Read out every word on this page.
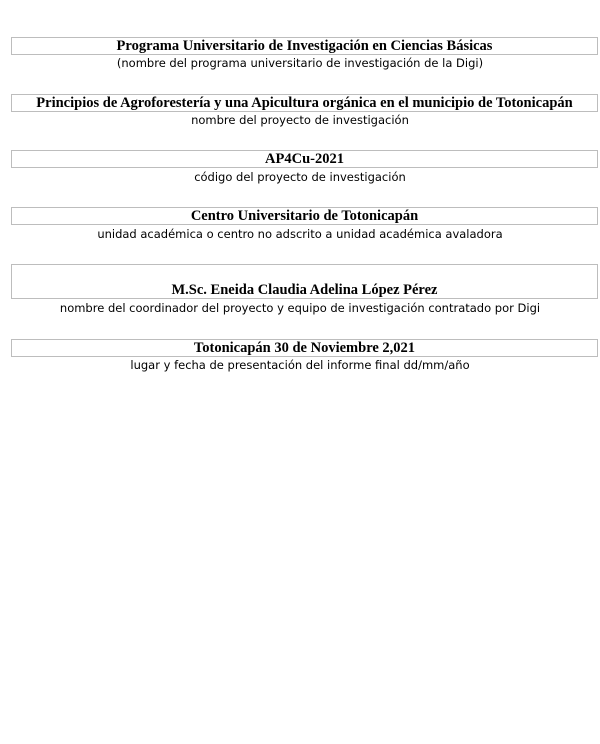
Programa Universitario de Investigación en Ciencias Básicas
(nombre del programa universitario de investigación de la Digi)
Principios de Agroforestería y una Apicultura orgánica en el municipio de Totonicapán
nombre del proyecto de investigación
AP4Cu-2021
código del proyecto de investigación
Centro Universitario de Totonicapán
unidad académica o centro no adscrito a unidad académica avaladora
M.Sc. Eneida Claudia Adelina López Pérez
nombre del coordinador del proyecto y equipo de investigación contratado por Digi
Totonicapán 30 de Noviembre 2,021
lugar y fecha de presentación del informe final dd/mm/año
